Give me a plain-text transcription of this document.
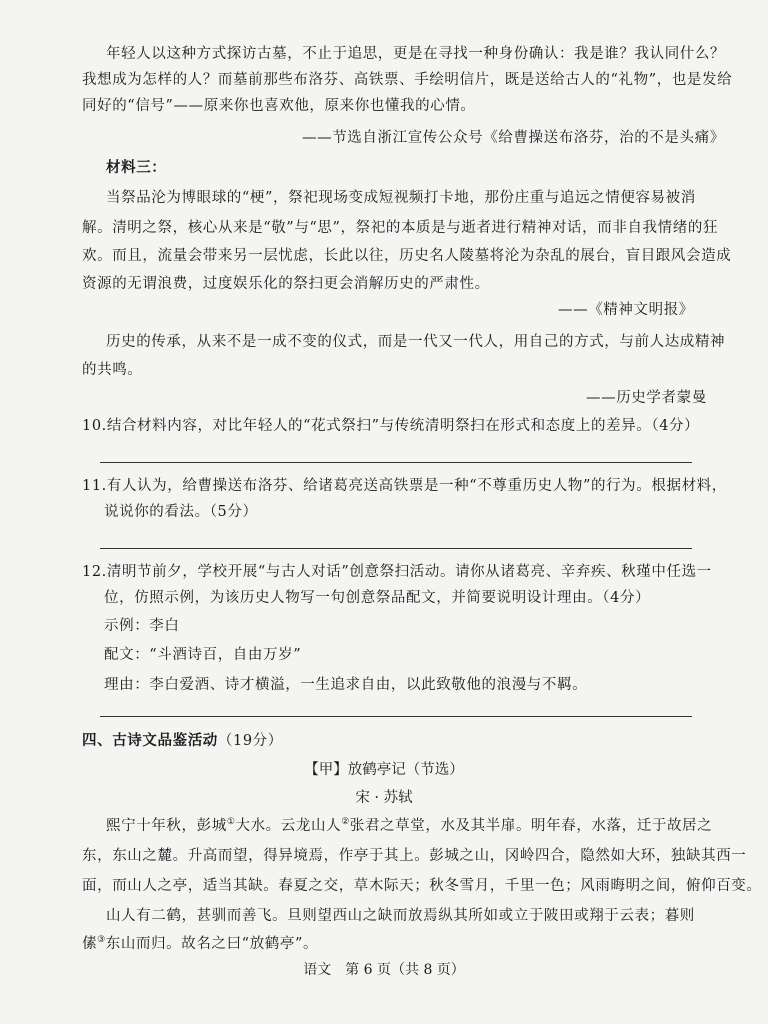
年轻人以这种方式探访古墓，不止于追思，更是在寻找一种身份确认：我是谁？我认同什么？
我想成为怎样的人？而墓前那些布洛芬、高铁票、手绘明信片，既是送给古人的“礼物”，也是发给
同好的“信号”——原来你也喜欢他，原来你也懂我的心情。
——节选自浙江宣传公众号《给曹操送布洛芬，治的不是头痛》
材料三：
当祭品沦为博眼球的“梗”，祭祀现场变成短视频打卡地，那份庄重与追远之情便容易被消
解。清明之祭，核心从来是“敬”与“思”，祭祀的本质是与逝者进行精神对话，而非自我情绪的狂
欢。而且，流量会带来另一层忧虑，长此以往，历史名人陵墓将沦为杂乱的展台，盲目跟风会造成
资源的无谓浪费，过度娱乐化的祭扫更会消解历史的严肃性。
——《精神文明报》
历史的传承，从来不是一成不变的仪式，而是一代又一代人，用自己的方式，与前人达成精神
的共鸣。
——历史学者蒙曼
10.结合材料内容，对比年轻人的“花式祭扫”与传统清明祭扫在形式和态度上的差异。（4分）
11.有人认为，给曹操送布洛芬、给诸葛亮送高铁票是一种“不尊重历史人物”的行为。根据材料，
说说你的看法。（5分）
12.清明节前夕，学校开展“与古人对话”创意祭扫活动。请你从诸葛亮、辛弃疾、秋瑾中任选一
位，仿照示例，为该历史人物写一句创意祭品配文，并简要说明设计理由。（4分）
示例：李白
配文：“斗酒诗百，自由万岁”
理由：李白爱酒、诗才横溢，一生追求自由，以此致敬他的浪漫与不羁。
四、古诗文品鉴活动（19分）
【甲】放鹤亭记（节选）
宋 · 苏轼
熙宁十年秋，彭城①大水。云龙山人②张君之草堂，水及其半扉。明年春，水落，迁于故居之
东，东山之麓。升高而望，得异境焉，作亭于其上。彭城之山，冈岭四合，隐然如大环，独缺其西一
面，而山人之亭，适当其缺。春夏之交，草木际天；秋冬雪月，千里一色；风雨晦明之间，俯仰百变。
山人有二鹤，甚驯而善飞。旦则望西山之缺而放焉纵其所如或立于陂田或翔于云表；暮则
傃③东山而归。故名之曰“放鹤亭”。
语文　第 6 页（共 8 页）
